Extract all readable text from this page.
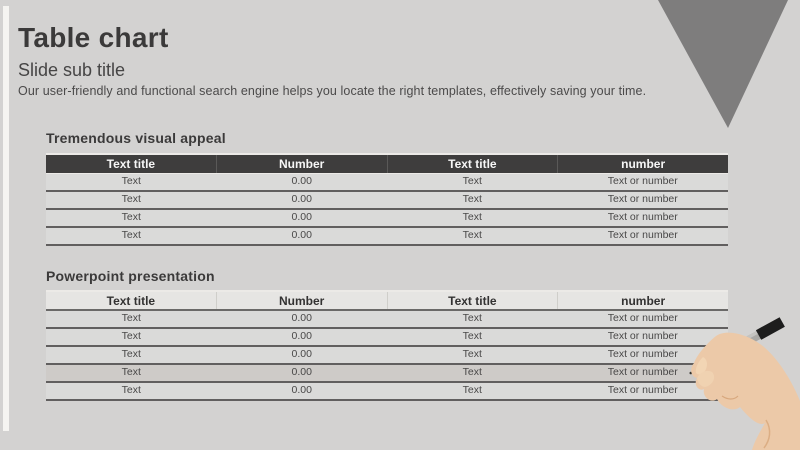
Table chart
Slide sub title
Our user-friendly and functional search engine helps you locate the right templates, effectively saving your time.
Tremendous visual appeal
Text title	Number	Text title	number
Text	0.00	Text	Text or number
Text	0.00	Text	Text or number
Text	0.00	Text	Text or number
Text	0.00	Text	Text or number
Powerpoint presentation
Text title	Number	Text title	number
Text	0.00	Text	Text or number
Text	0.00	Text	Text or number
Text	0.00	Text	Text or number
Text	0.00	Text	Text or number
Text	0.00	Text	Text or number
